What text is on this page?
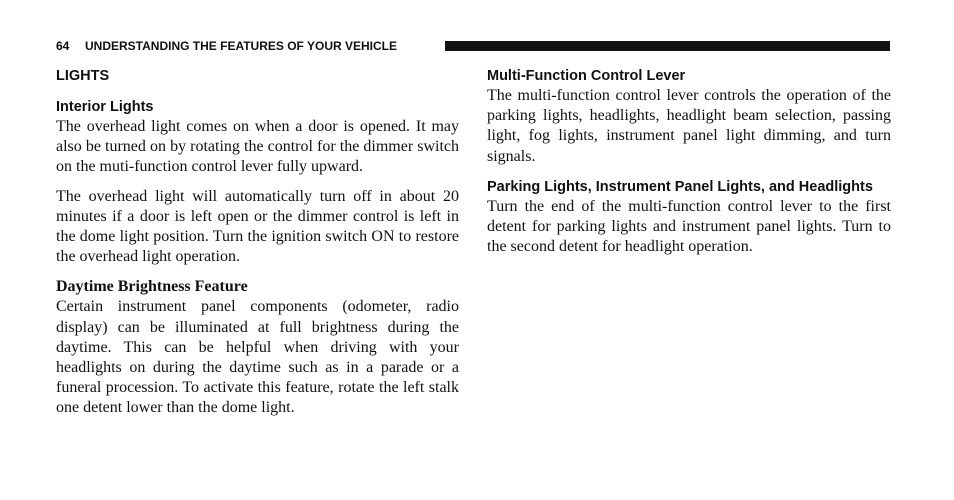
64 UNDERSTANDING THE FEATURES OF YOUR VEHICLE
LIGHTS
Interior Lights

The overhead light comes on when a door is opened. It may also be turned on by rotating the control for the dimmer switch on the muti-function control lever fully upward.

The overhead light will automatically turn off in about 20 minutes if a door is left open or the dimmer control is left in the dome light position. Turn the ignition switch ON to restore the overhead light operation.

Daytime Brightness Feature

Certain instrument panel components (odometer, radio display) can be illuminated at full brightness during the daytime. This can be helpful when driving with your headlights on during the daytime such as in a parade or a funeral procession. To activate this feature, rotate the left stalk one detent lower than the dome light.

Multi-Function Control Lever

The multi-function control lever controls the operation of the parking lights, headlights, headlight beam selection, passing light, fog lights, instrument panel light dimming, and turn signals.

Parking Lights, Instrument Panel Lights, and Headlights

Turn the end of the multi-function control lever to the first detent for parking lights and instrument panel lights. Turn to the second detent for headlight operation.
